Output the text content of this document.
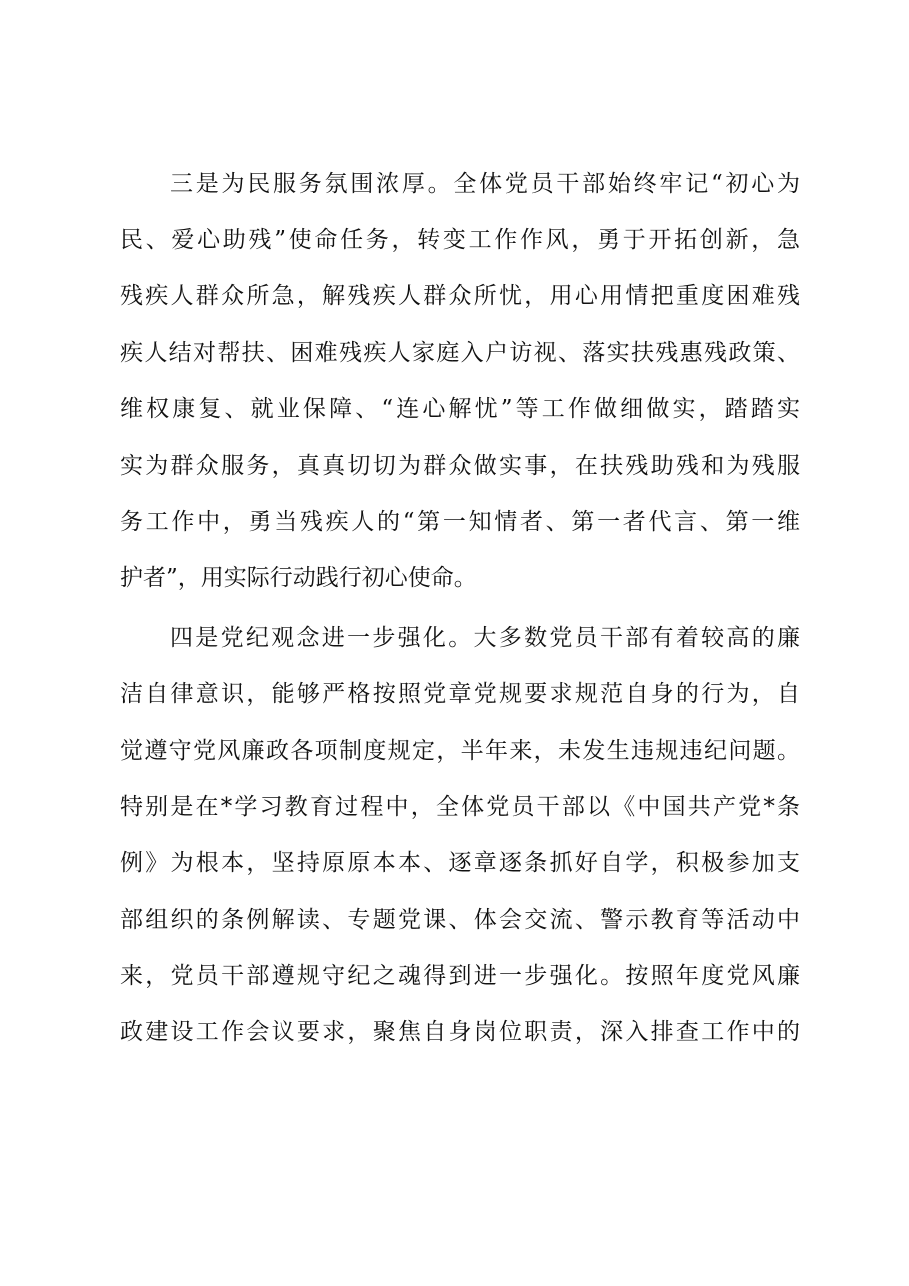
三是为民服务氛围浓厚。全体党员干部始终牢记“初心为
民、爱心助残”使命任务，转变工作作风，勇于开拓创新，急
残疾人群众所急，解残疾人群众所忧，用心用情把重度困难残
疾人结对帮扶、困难残疾人家庭入户访视、落实扶残惠残政策、
维权康复、就业保障、“连心解忧”等工作做细做实，踏踏实
实为群众服务，真真切切为群众做实事，在扶残助残和为残服
务工作中，勇当残疾人的“第一知情者、第一者代言、第一维
护者”，用实际行动践行初心使命。
四是党纪观念进一步强化。大多数党员干部有着较高的廉
洁自律意识，能够严格按照党章党规要求规范自身的行为，自
觉遵守党风廉政各项制度规定，半年来，未发生违规违纪问题。
特别是在*学习教育过程中，全体党员干部以《中国共产党*条
例》为根本，坚持原原本本、逐章逐条抓好自学，积极参加支
部组织的条例解读、专题党课、体会交流、警示教育等活动中
来，党员干部遵规守纪之魂得到进一步强化。按照年度党风廉
政建设工作会议要求，聚焦自身岗位职责，深入排查工作中的
